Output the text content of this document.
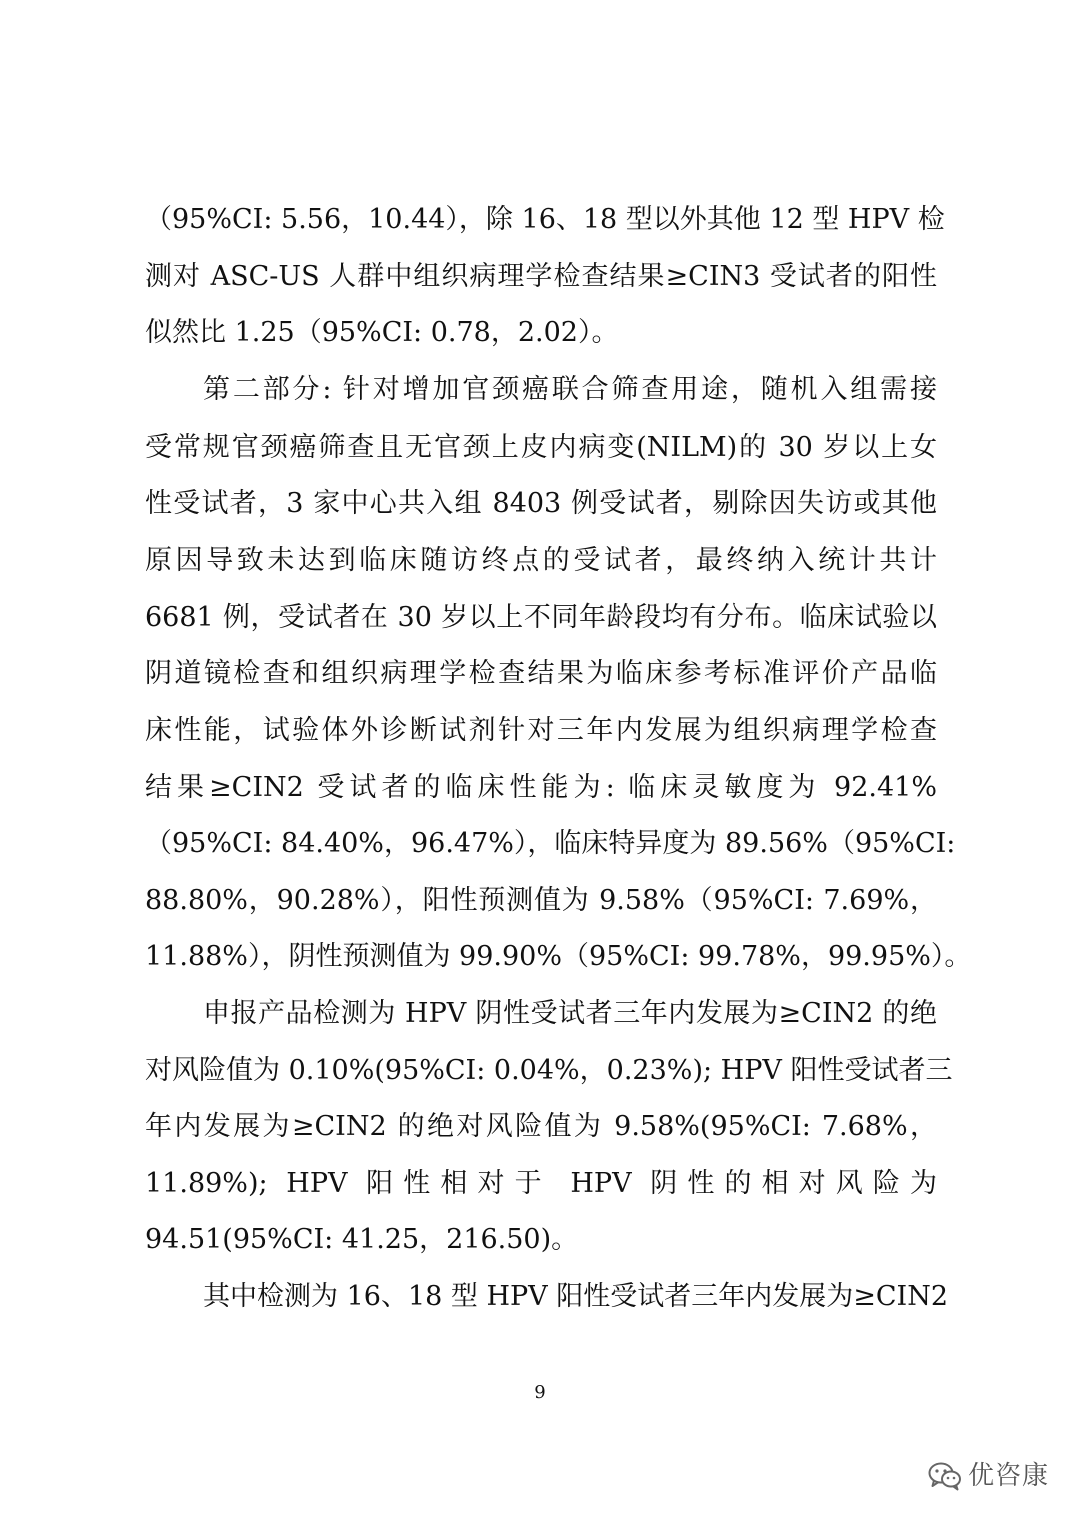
（95%CI: 5.56，10.44），除 16、18 型以外其他 12 型 HPV 检
测对 ASC-US 人群中组织病理学检查结果≥CIN3 受试者的阳性
似然比 1.25（95%CI: 0.78，2.02）。
第二部分: 针对增加官颈癌联合筛查用途，随机入组需接
受常规官颈癌筛查且无官颈上皮内病变(NILM)的 30 岁以上女
性受试者，3 家中心共入组 8403 例受试者，剔除因失访或其他
原因导致未达到临床随访终点的受试者，最终纳入统计共计
6681 例，受试者在 30 岁以上不同年龄段均有分布。临床试验以
阴道镜检查和组织病理学检查结果为临床参考标准评价产品临
床性能，试验体外诊断试剂针对三年内发展为组织病理学检查
结果≥CIN2 受试者的临床性能为: 临床灵敏度为 92.41%
（95%CI: 84.40%，96.47%），临床特异度为 89.56%（95%CI:
88.80%，90.28%），阳性预测值为 9.58%（95%CI: 7.69%，
11.88%），阴性预测值为 99.90%（95%CI: 99.78%，99.95%）。
申报产品检测为 HPV 阴性受试者三年内发展为≥CIN2 的绝
对风险值为 0.10%(95%CI: 0.04%，0.23%); HPV 阳性受试者三
年内发展为≥CIN2 的绝对风险值为 9.58%(95%CI: 7.68%，
11.89%); HPV 阳性相对于 HPV 阴性的相对风险为
94.51(95%CI: 41.25，216.50)。
其中检测为 16、18 型 HPV 阳性受试者三年内发展为≥CIN2
9
优咨康
